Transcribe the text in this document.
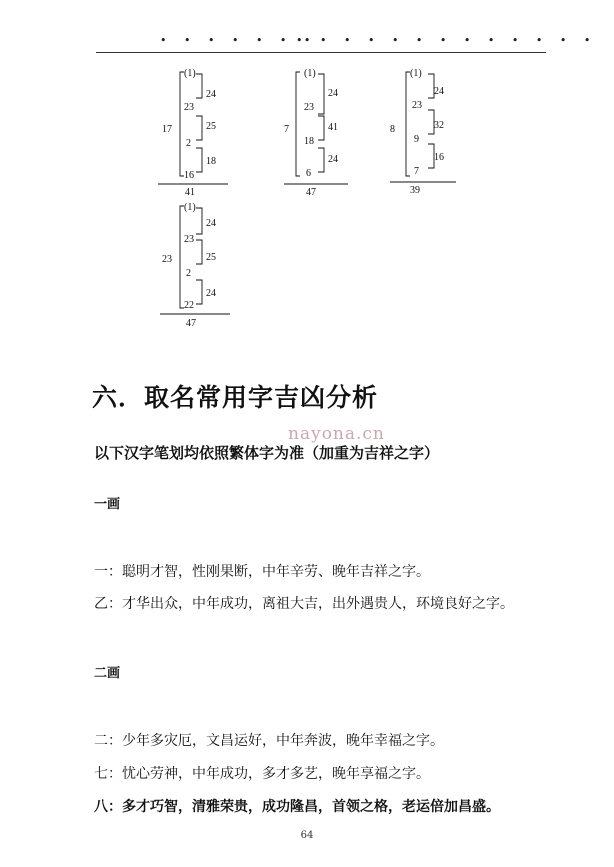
• • • • • • •
• • • • • • • • • • • • •
(1)
23
2
16
17
24
25
18
41
(1)
23
18
6
7
24
41
24
47
(1)
23
9
7
8
24
32
16
39
(1)
23
2
22
23
24
25
24
47
六．取名常用字吉凶分析
nayona.cn
以下汉字笔划均依照繁体字为准（加重为吉祥之字）
一画

一：聪明才智，性刚果断，中年辛劳、晚年吉祥之字。

乙：才华出众，中年成功，离祖大吉，出外遇贵人，环境良好之字。

二画

二：少年多灾厄，文昌运好，中年奔波，晚年幸福之字。

七：忧心劳神，中年成功，多才多艺，晚年享福之字。

八：多才巧智，清雅荣贵，成功隆昌，首领之格，老运倍加昌盛。

64
